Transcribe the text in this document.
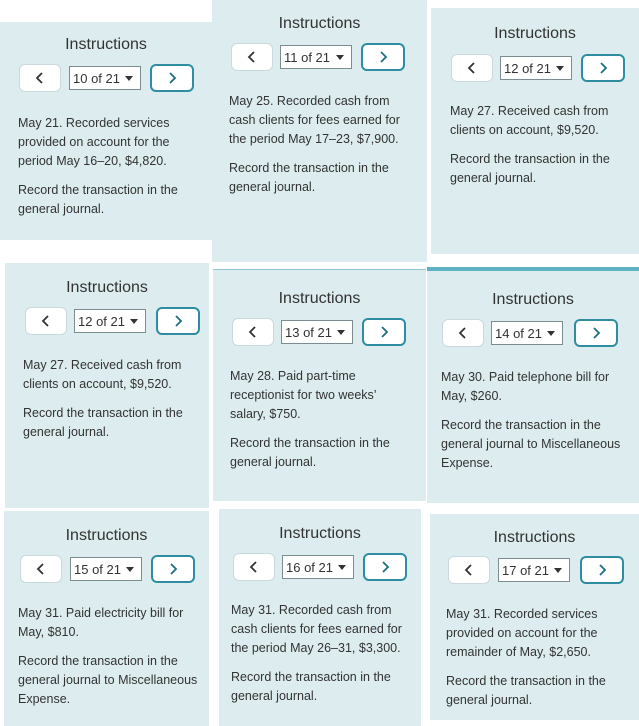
Instructions
10 of 21

May 21. Recorded services provided on account for the period May 16–20, $4,820.

Record the transaction in the general journal.

Instructions
11 of 21

May 25. Recorded cash from cash clients for fees earned for the period May 17–23, $7,900.

Record the transaction in the general journal.

Instructions
12 of 21

May 27. Received cash from clients on account, $9,520.

Record the transaction in the general journal.

Instructions
12 of 21

May 27. Received cash from clients on account, $9,520.

Record the transaction in the general journal.

Instructions
13 of 21

May 28. Paid part-time receptionist for two weeks’ salary, $750.

Record the transaction in the general journal.

Instructions
14 of 21

May 30. Paid telephone bill for May, $260.

Record the transaction in the general journal to Miscellaneous Expense.

Instructions
15 of 21

May 31. Paid electricity bill for May, $810.

Record the transaction in the general journal to Miscellaneous Expense.

Instructions
16 of 21

May 31. Recorded cash from cash clients for fees earned for the period May 26–31, $3,300.

Record the transaction in the general journal.

Instructions
17 of 21

May 31. Recorded services provided on account for the remainder of May, $2,650.

Record the transaction in the general journal.
